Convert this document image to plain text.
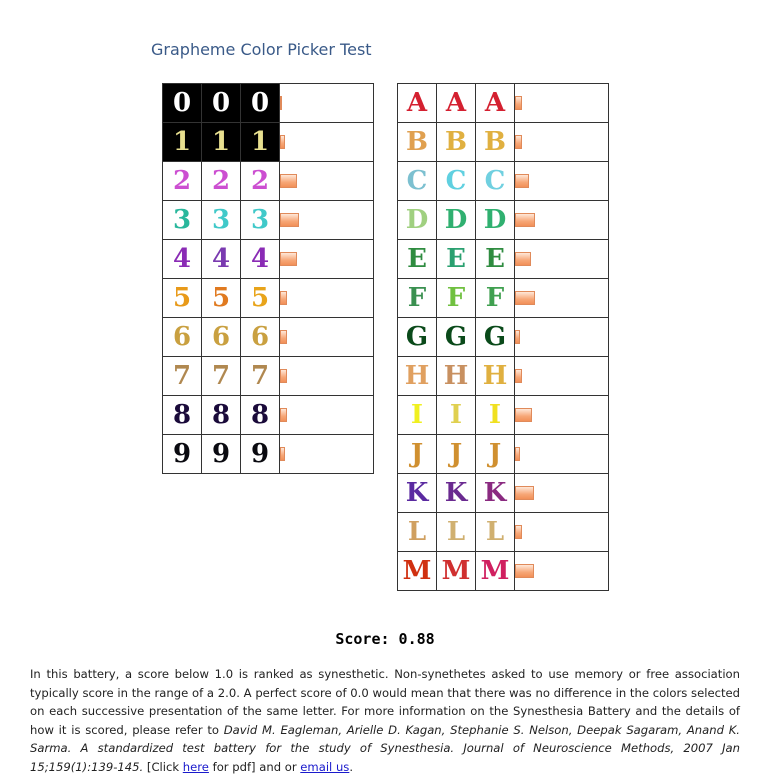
Grapheme Color Picker Test
0	0	0	

1	1	1	

2	2	2	

3	3	3	

4	4	4	

5	5	5	

6	6	6	

7	7	7	

8	8	8	

9	9	9	
A	A	A	

B	B	B	

C	C	C	

D	D	D	

E	E	E	

F	F	F	

G	G	G	

H	H	H	

I	I	I	

J	J	J	

K	K	K	

L	L	L	

M	M	M	
Score: 0.88
In this battery, a score below 1.0 is ranked as synesthetic. Non-synethetes asked to use memory or free association typically score in the range of a 2.0. A perfect score of 0.0 would mean that there was no difference in the colors selected on each successive presentation of the same letter. For more information on the Synesthesia Battery and the details of how it is scored, please refer to David M. Eagleman, Arielle D. Kagan, Stephanie S. Nelson, Deepak Sagaram, Anand K. Sarma. A standardized test battery for the study of Synesthesia. Journal of Neuroscience Methods, 2007 Jan 15;159(1):139-145. [Click here for pdf] and or email us.
